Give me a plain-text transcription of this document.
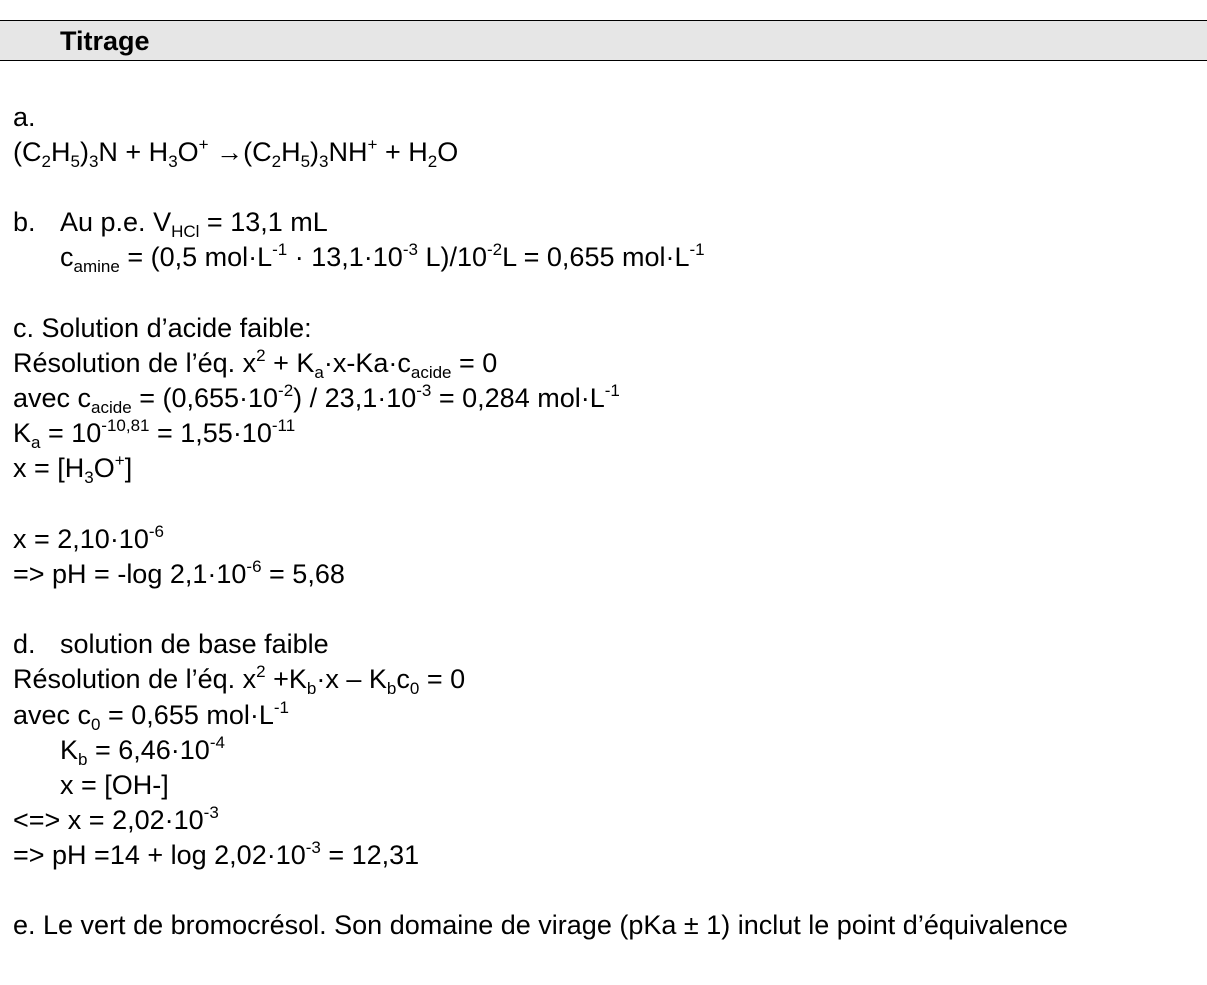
Titrage
a.
$(C_2H_5)_3N + H_3O^+ \to(C_2H_5)_3NH^+ + H_2O$
b. Au p.e. $V_{HCl} = 13,1$ mL
$c_{amine} = (0,5$ $mol\cdot L^{-1} \cdot 13,1\cdot 10^{-3}$ $L)/10^{-2}L = 0,655$ $mol\cdot L^{-1}$
c. Solution d’acide faible:
Résolution de l’éq. $x^2 + K_a\cdot x-Ka\cdot c_{acide} = 0$
avec $c_{acide} = (0,655\cdot 10^{-2}) / 23,1\cdot 10^{-3} = 0,284$ $mol\cdot L^{-1}$
$K_a = 10^{-10,81} = 1,55\cdot 10^{-11}$
$x = [H_3O^+]$
$x = 2,10\cdot 10^{-6}$
=> pH = -log $2,1\cdot 10^{-6} = 5,68$
d. solution de base faible
Résolution de l’éq. $x^2 +K_b\cdot x - K_bc_0 = 0$
avec $c_0 = 0,655$ $mol\cdot L^{-1}$
$K_b = 6,46\cdot 10^{-4}$
x = [OH-]
<=> $x = 2,02\cdot 10^{-3}$
=> pH $=14 + \log 2,02\cdot 10^{-3} = 12,31$
e. Le vert de bromocrésol. Son domaine de virage (pKa ± 1) inclut le point d’équivalence
